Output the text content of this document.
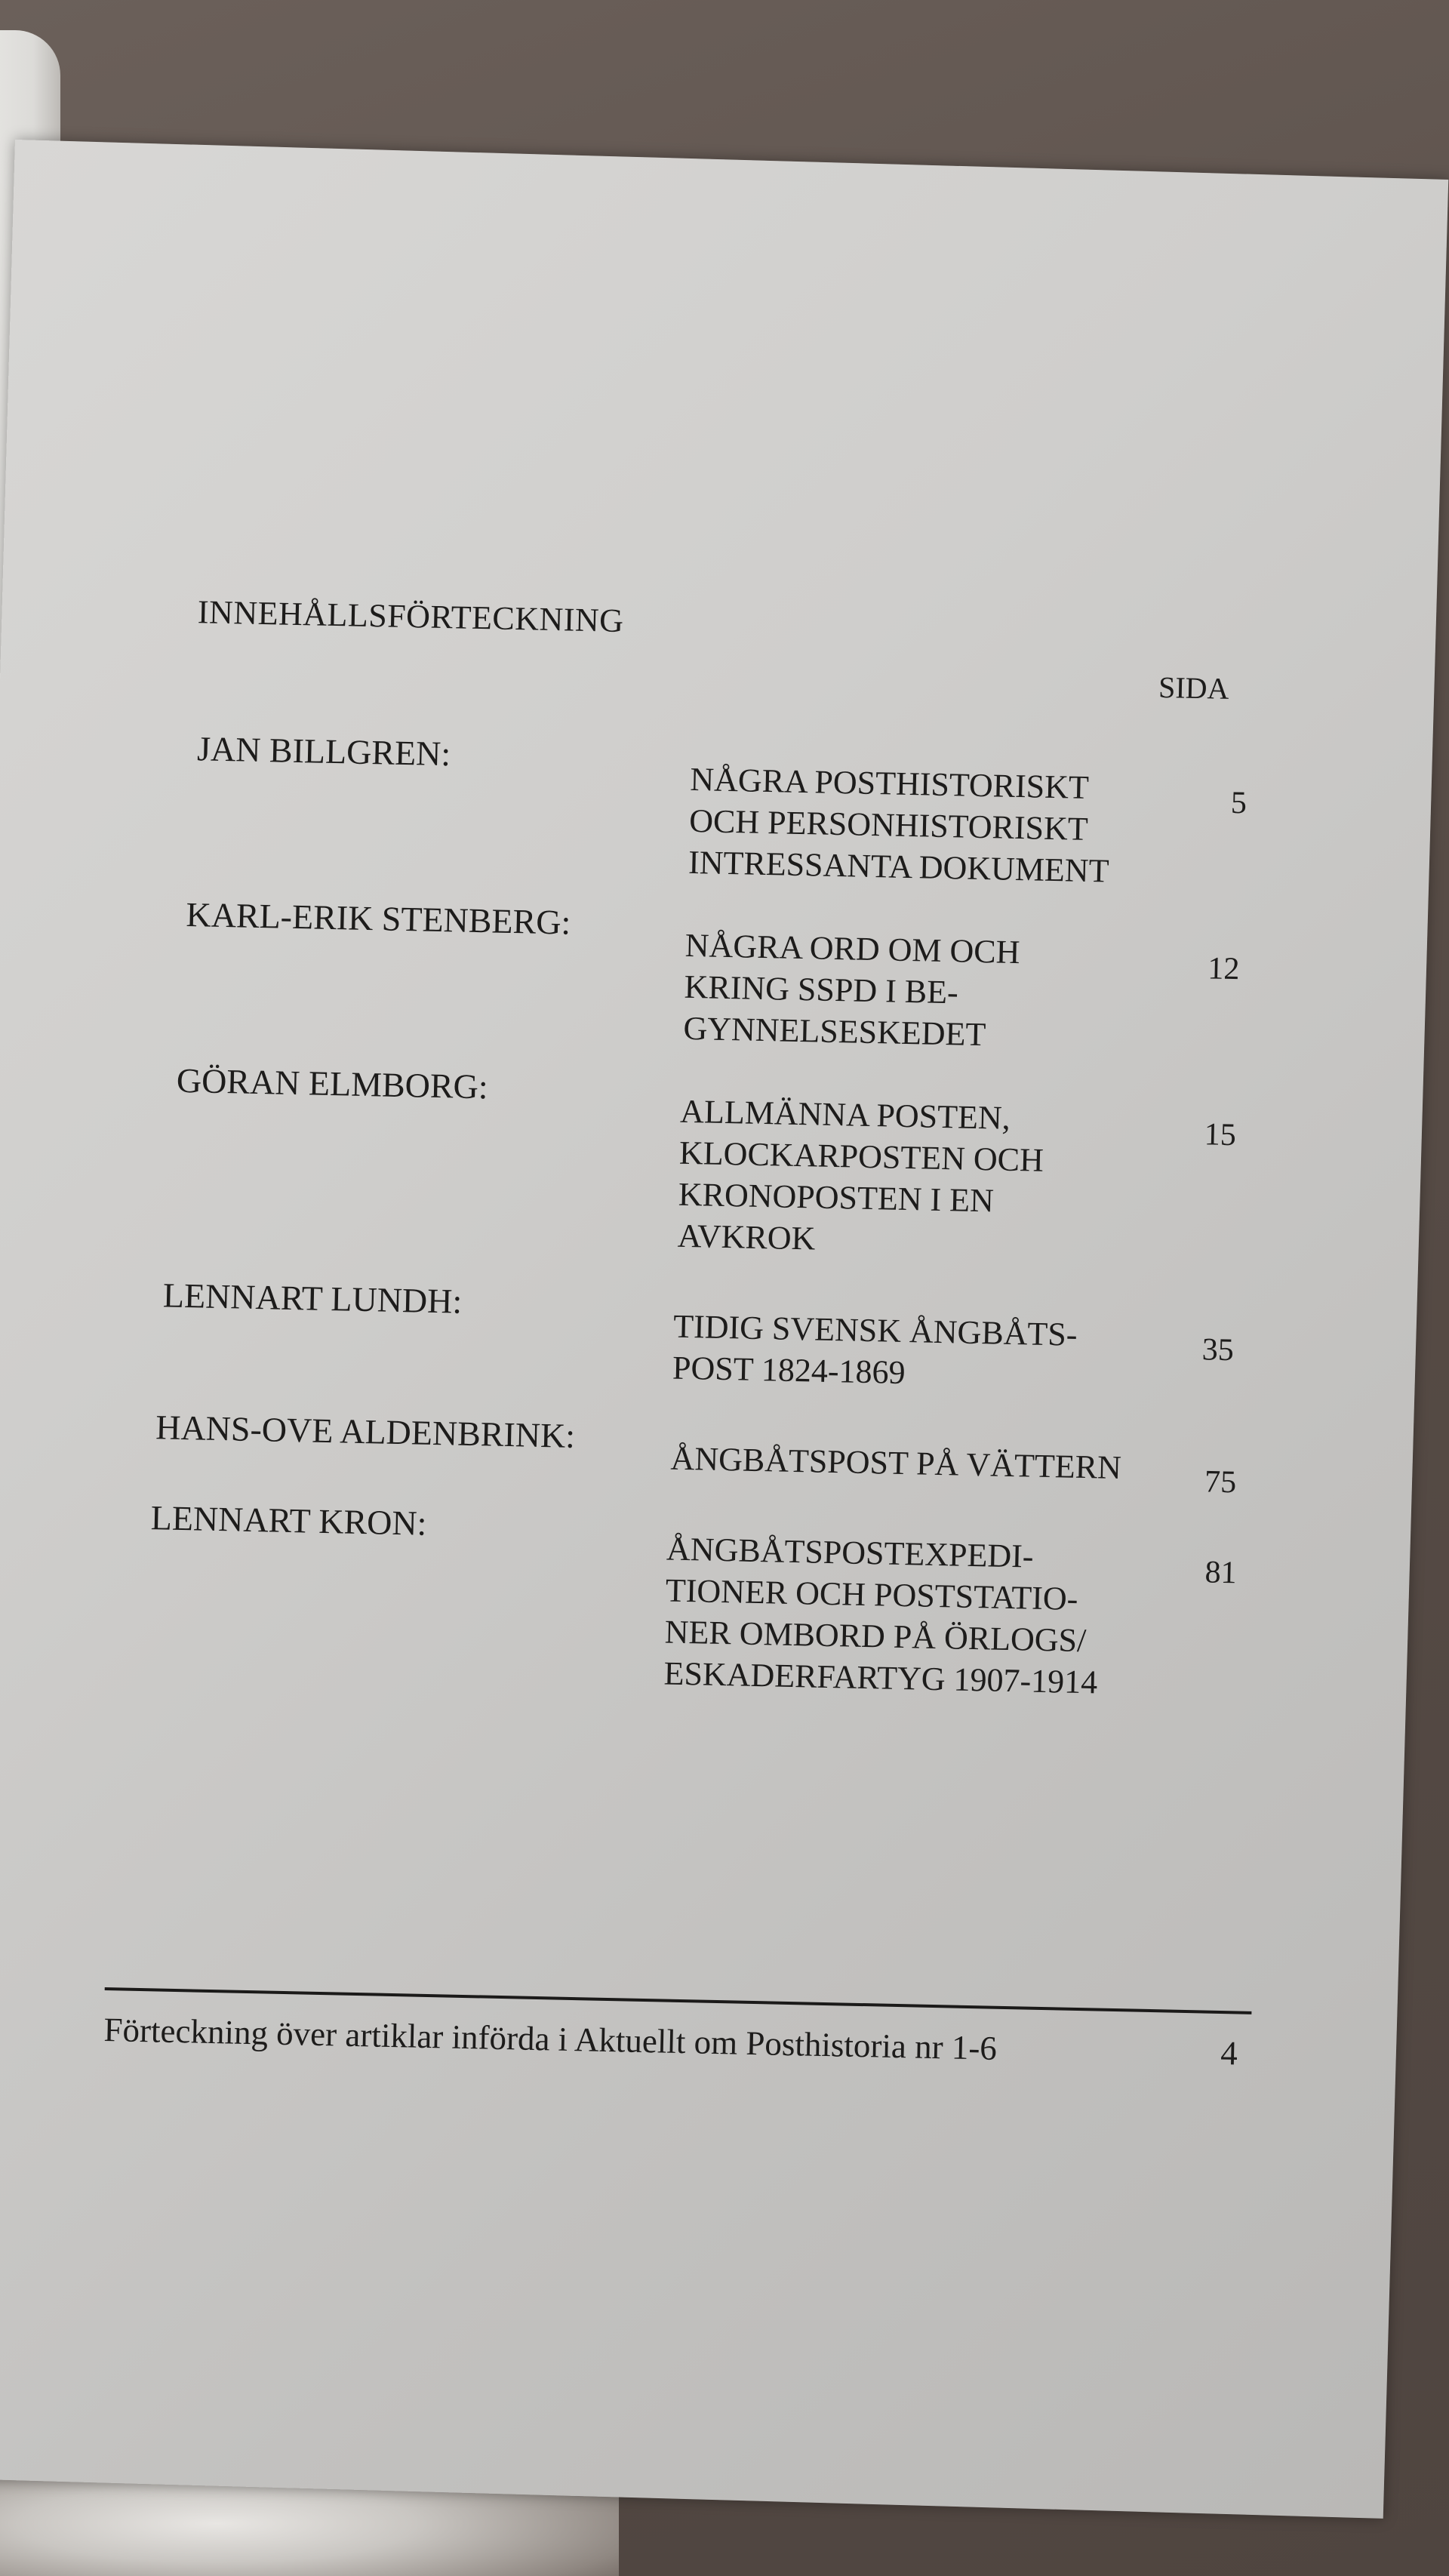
INNEHÅLLSFÖRTECKNING
SIDA
JAN BILLGREN:
NÅGRA POSTHISTORISKT
OCH PERSONHISTORISKT
INTRESSANTA DOKUMENT
5
KARL-ERIK STENBERG:
NÅGRA ORD OM OCH
KRING SSPD I BE-
GYNNELSESKEDET
12
GÖRAN ELMBORG:
ALLMÄNNA POSTEN,
KLOCKARPOSTEN OCH
KRONOPOSTEN I EN
AVKROK
15
LENNART LUNDH:
TIDIG SVENSK ÅNGBÅTS-
POST 1824-1869	35
HANS-OVE ALDENBRINK:
ÅNGBÅTSPOST PÅ VÄTTERN	75
LENNART KRON:
ÅNGBÅTSPOSTEXPEDI-
TIONER OCH POSTSTATIO-
NER OMBORD PÅ ÖRLOGS/
ESKADERFARTYG 1907-1914
81
Förteckning över artiklar införda i Aktuellt om Posthistoria nr 1-6	4
